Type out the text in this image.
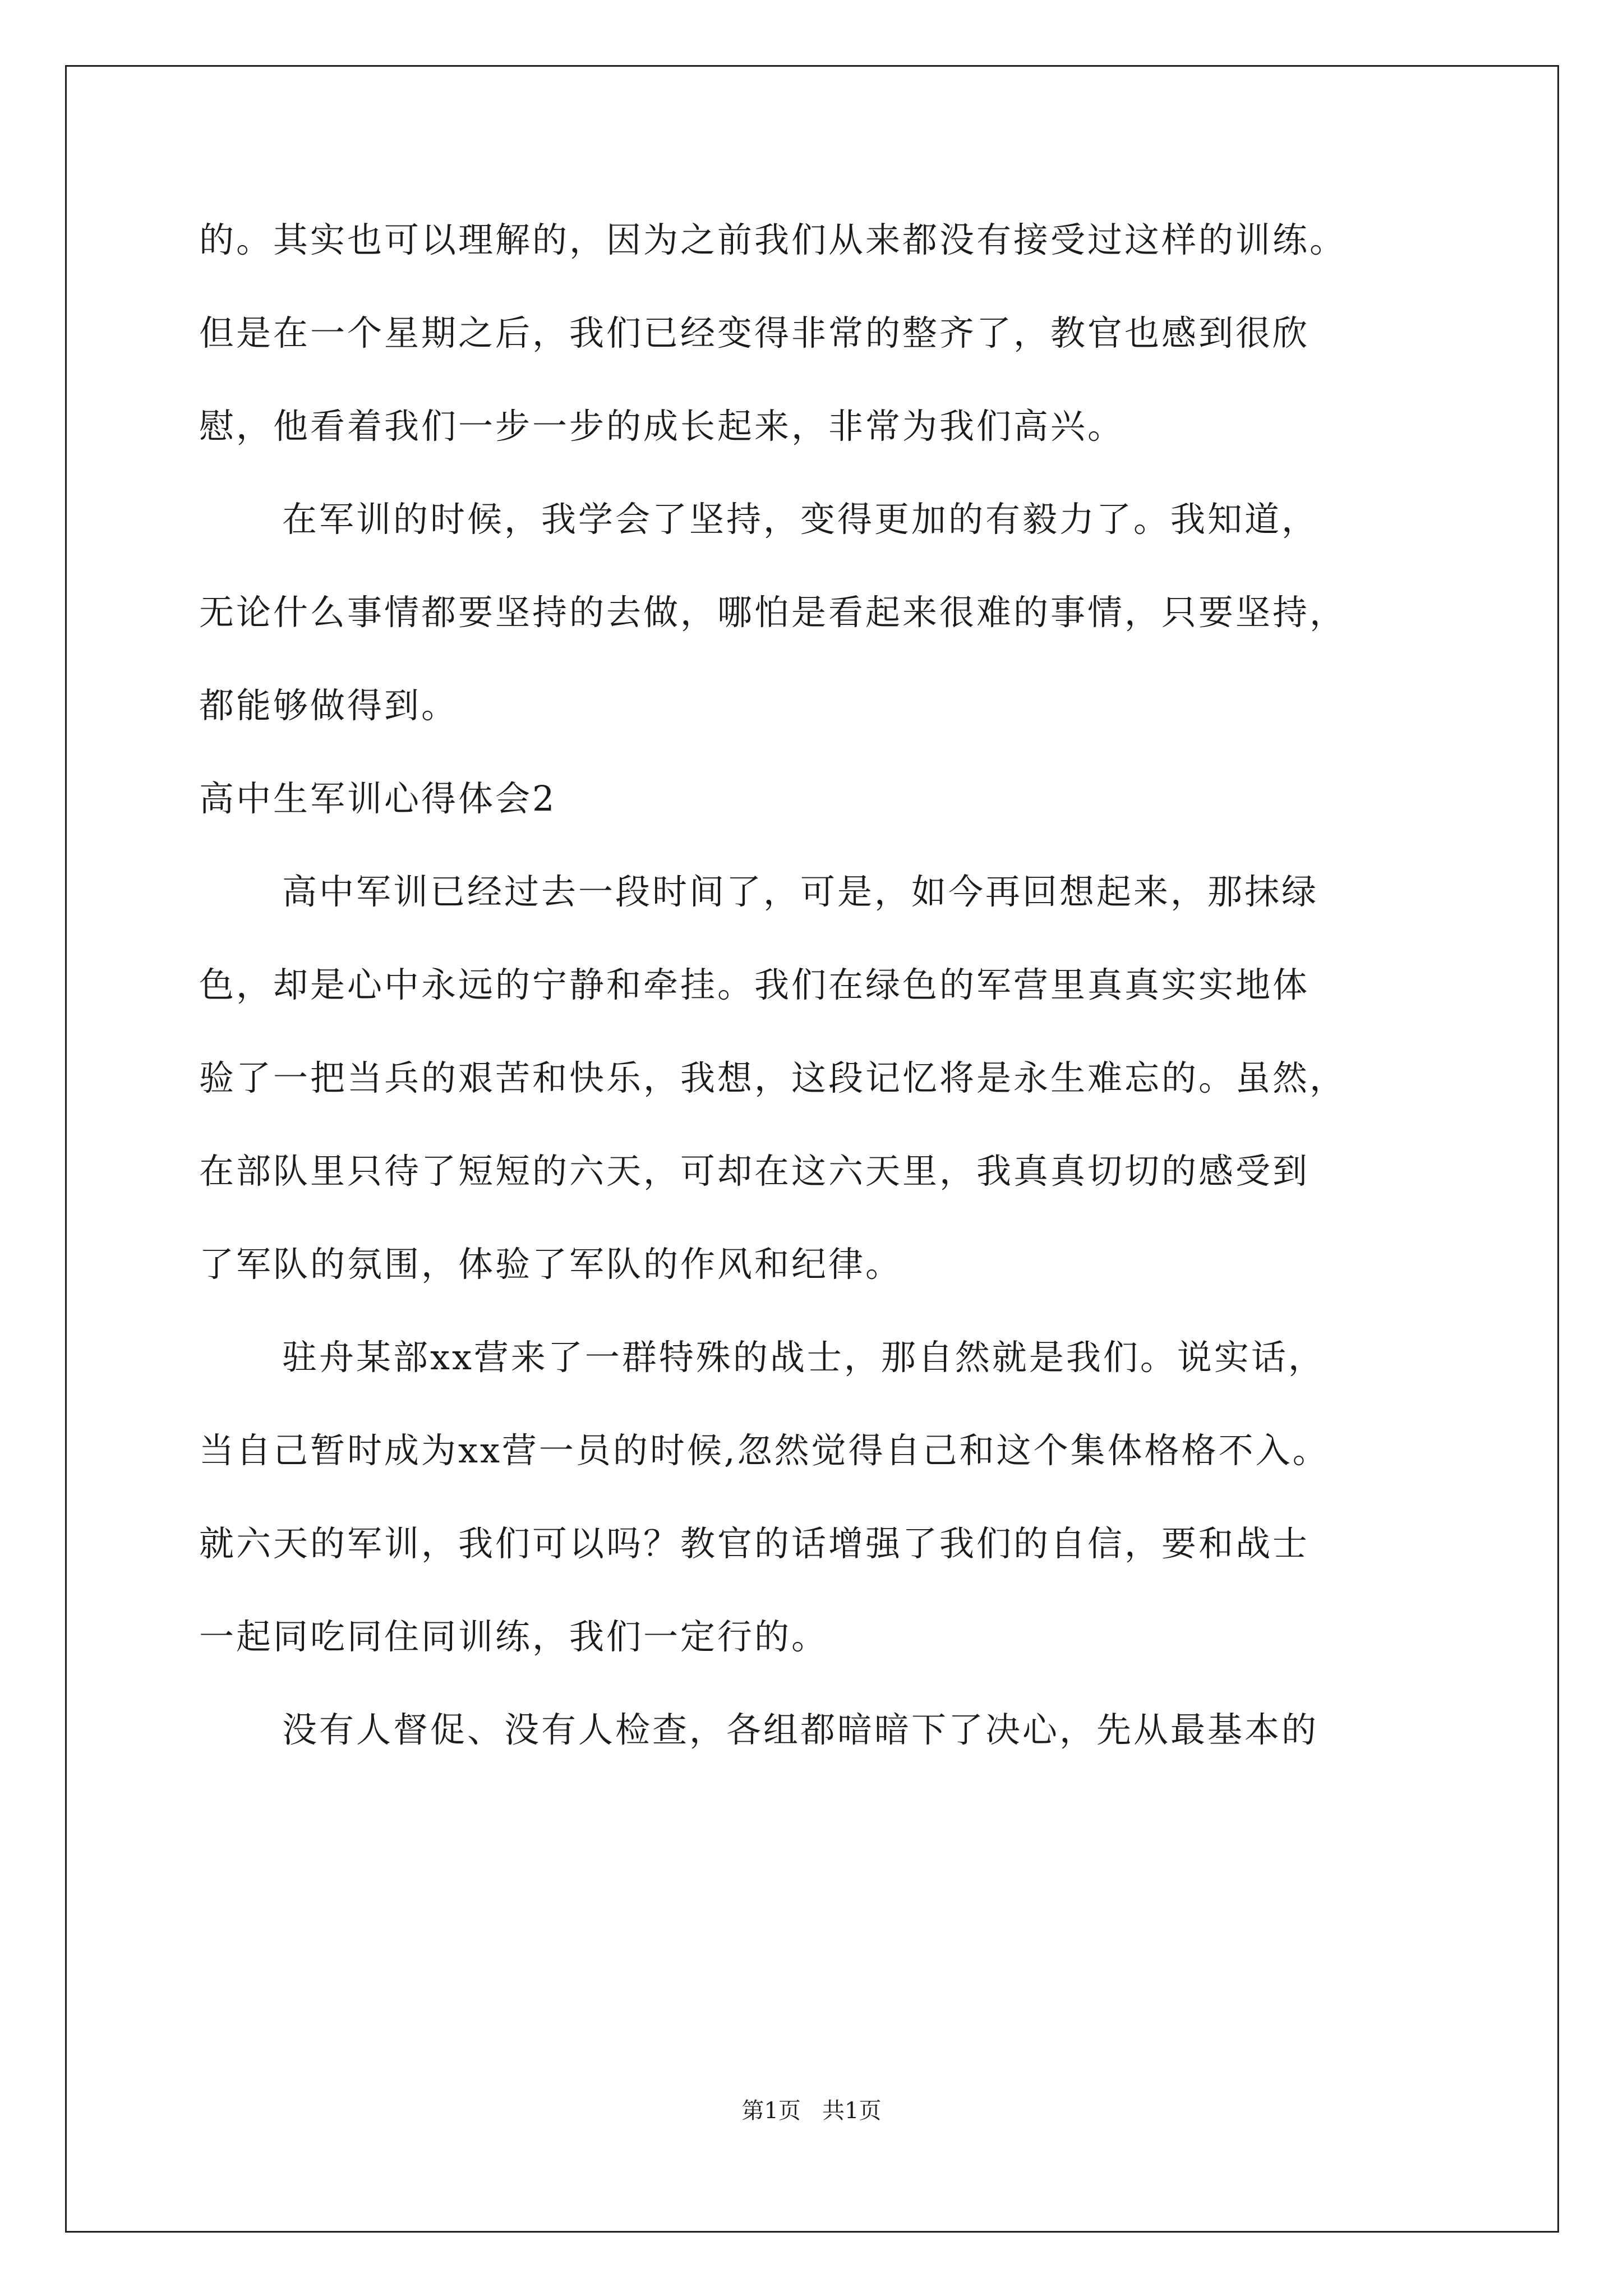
的。其实也可以理解的，因为之前我们从来都没有接受过这样的训练。
但是在一个星期之后，我们已经变得非常的整齐了，教官也感到很欣
慰，他看着我们一步一步的成长起来，非常为我们高兴。
在军训的时候，我学会了坚持，变得更加的有毅力了。我知道，
无论什么事情都要坚持的去做，哪怕是看起来很难的事情，只要坚持，
都能够做得到。
高中生军训心得体会2
高中军训已经过去一段时间了，可是，如今再回想起来，那抹绿
色，却是心中永远的宁静和牵挂。我们在绿色的军营里真真实实地体
验了一把当兵的艰苦和快乐，我想，这段记忆将是永生难忘的。虽然，
在部队里只待了短短的六天，可却在这六天里，我真真切切的感受到
了军队的氛围，体验了军队的作风和纪律。
驻舟某部xx营来了一群特殊的战士，那自然就是我们。说实话，
当自己暂时成为xx营一员的时候,忽然觉得自己和这个集体格格不入。
就六天的军训，我们可以吗？教官的话增强了我们的自信，要和战士
一起同吃同住同训练，我们一定行的。
没有人督促、没有人检查，各组都暗暗下了决心，先从最基本的
第1页   共1页
